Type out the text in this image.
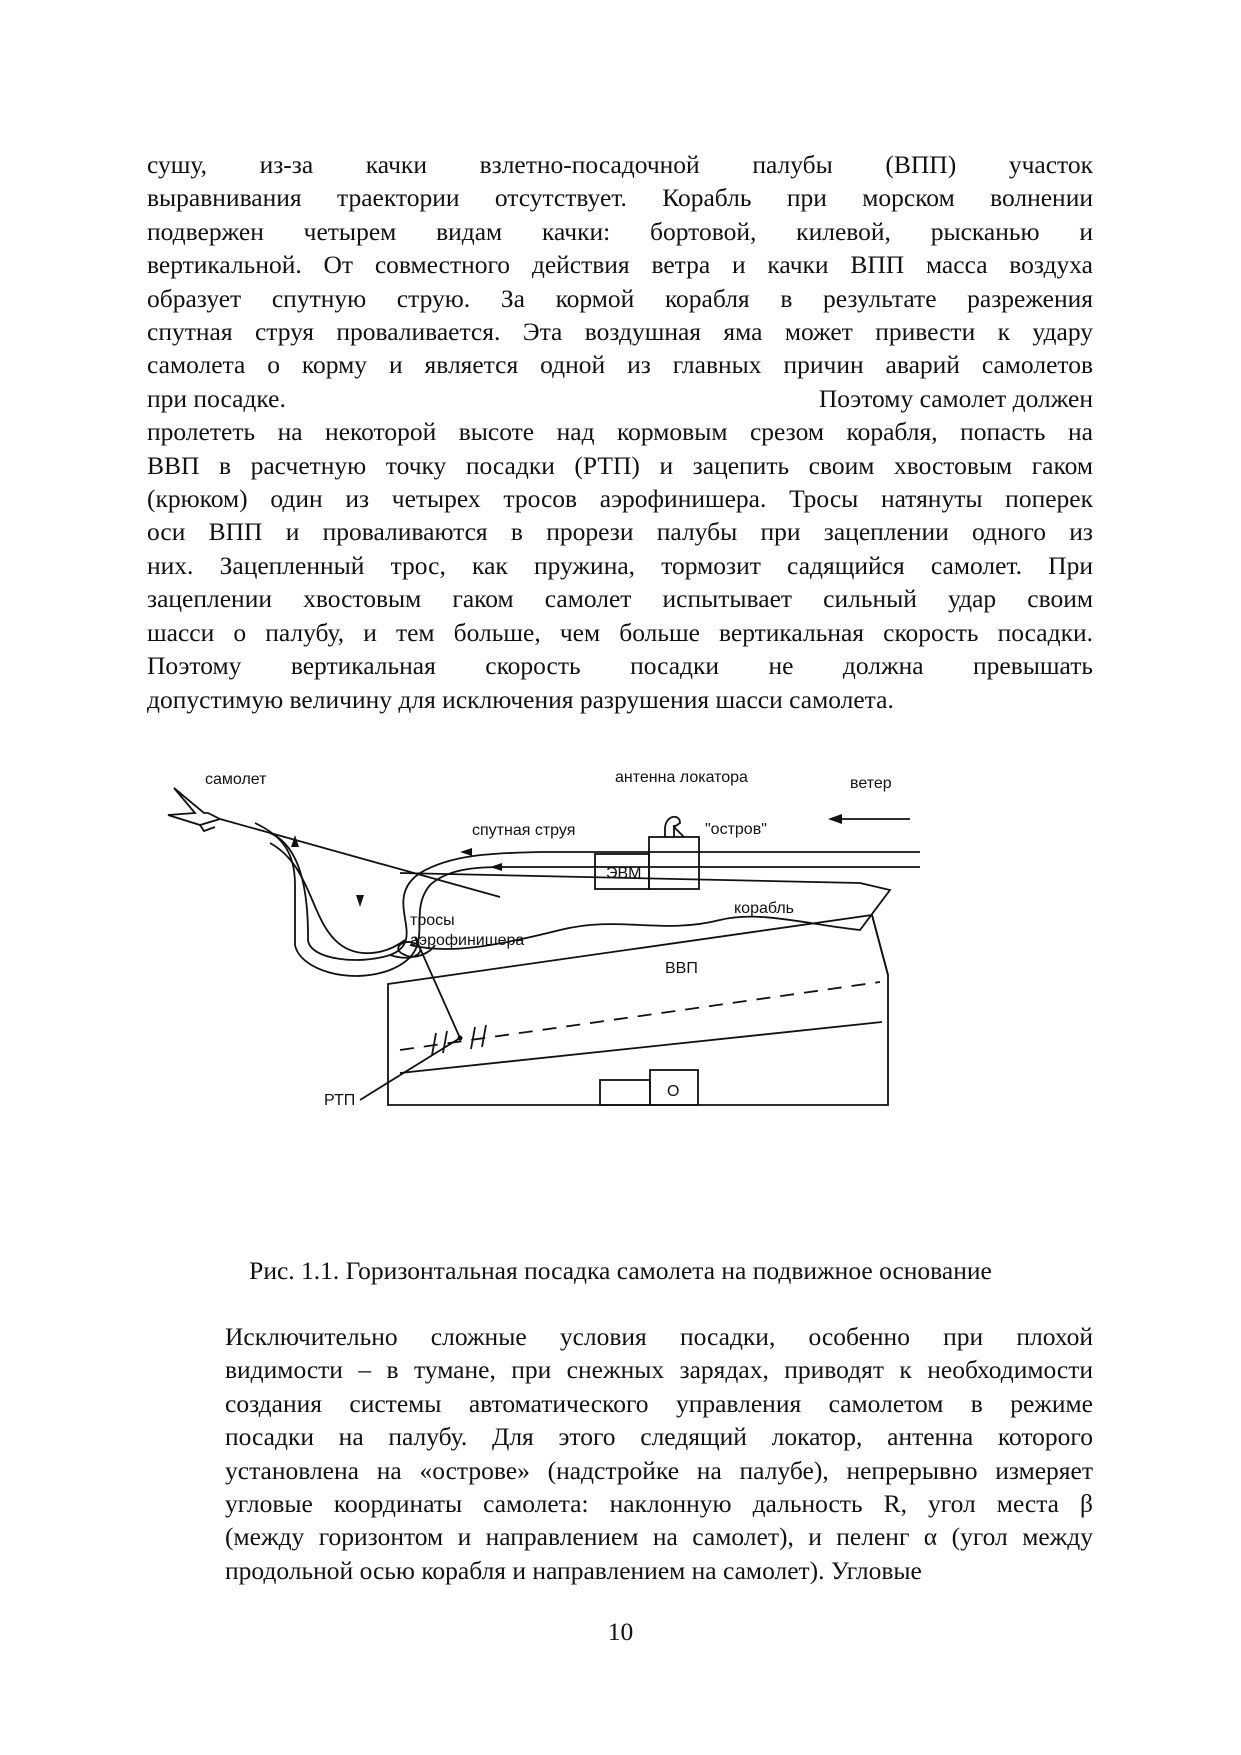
сушу, из-за качки взлетно-посадочной палубы (ВПП) участок
выравнивания траектории отсутствует. Корабль при морском волнении
подвержен четырем видам качки: бортовой, килевой, рысканью и
вертикальной. От совместного действия ветра и качки ВПП масса воздуха
образует спутную струю. За кормой корабля в результате разрежения
спутная струя проваливается. Эта воздушная яма может привести к удару
самолета о корму и является одной из главных причин аварий самолетов
при посадке.	Поэтому самолет должен
пролететь на некоторой высоте над кормовым срезом корабля, попасть на
ВВП в расчетную точку посадки (РТП) и зацепить своим хвостовым гаком
(крюком) один из четырех тросов аэрофинишера. Тросы натянуты поперек
оси ВПП и проваливаются в прорези палубы при зацеплении одного из
них. Зацепленный трос, как пружина, тормозит садящийся самолет. При
зацеплении хвостовым гаком самолет испытывает сильный удар своим
шасси о палубу, и тем больше, чем больше вертикальная скорость посадки.
Поэтому вертикальная скорость посадки не должна превышать
допустимую величину для исключения разрушения шасси самолета.
самолет
спутная струя
корабль
ЭВМ
"остров"
антенна локатора	ветер
РТП
тросы
аэрофинишера
ВВП
О

Рис. 1.1. Горизонтальная посадка самолета на подвижное основание

Исключительно сложные условия посадки, особенно при плохой
видимости – в тумане, при снежных зарядах, приводят к необходимости
создания системы автоматического управления самолетом в режиме
посадки на палубу. Для этого следящий локатор, антенна которого
установлена на «острове» (надстройке на палубе), непрерывно измеряет
угловые координаты самолета: наклонную дальность R, угол места β
(между горизонтом и направлением на самолет), и пеленг α (угол между
продольной осью корабля и направлением на самолет). Угловые

10
